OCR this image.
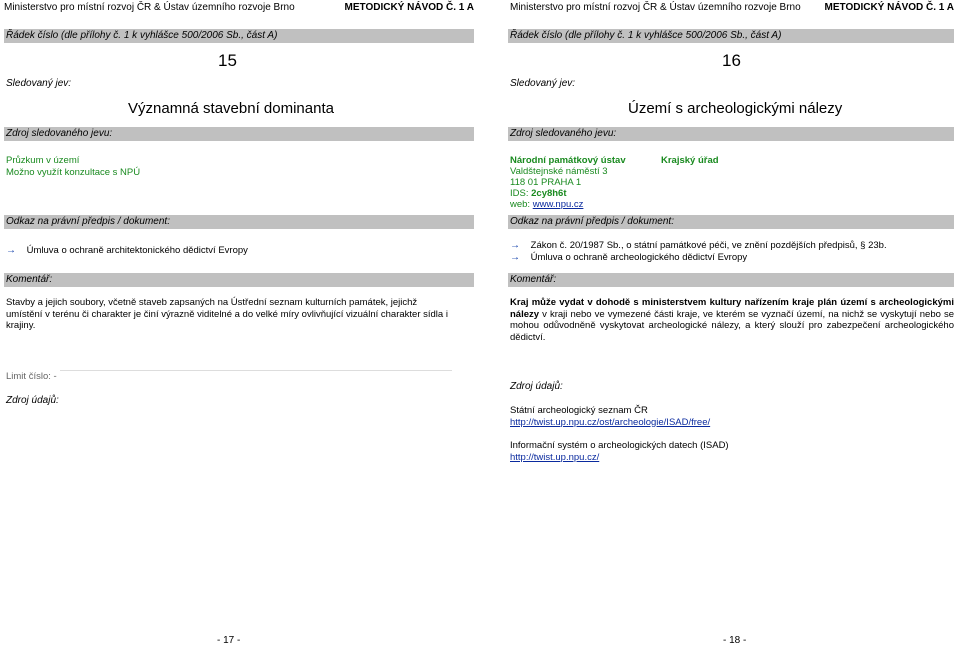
Ministerstvo pro místní rozvoj ČR & Ústav územního rozvoje Brno	METODICKÝ NÁVOD Č. 1 A
Řádek číslo (dle přílohy č. 1 k vyhlášce 500/2006 Sb., část A)
15
Sledovaný jev:
Významná stavební dominanta
Zdroj sledovaného jevu:
Průzkum v území
Možno využít konzultace s NPÚ
Odkaz na právní předpis / dokument:
→ Úmluva o ochraně architektonického dědictví Evropy
Komentář:
Stavby a jejich soubory, včetně staveb zapsaných na Ústřední seznam kulturních památek, jejichž umístění v terénu či charakter je činí výrazně viditelné a do velké míry ovlivňující vizuální charakter sídla i krajiny.
Limit číslo: -
Zdroj údajů:
- 17 -
Ministerstvo pro místní rozvoj ČR & Ústav územního rozvoje Brno METODICKÝ NÁVOD Č. 1 A
Řádek číslo (dle přílohy č. 1 k vyhlášce 500/2006 Sb., část A)
16
Sledovaný jev:
Území s archeologickými nálezy
Zdroj sledovaného jevu:
Národní památkový ústav
Valdštejnské náměstí 3
118 01 PRAHA 1
IDS: 2cy8h6t
web: www.npu.cz
Krajský úřad
Odkaz na právní předpis / dokument:
→ Zákon č. 20/1987 Sb., o státní památkové péči, ve znění pozdějších předpisů, § 23b.
→ Úmluva o ochraně archeologického dědictví Evropy
Komentář:
Kraj může vydat v dohodě s ministerstvem kultury nařízením kraje plán území s archeologickými nálezy v kraji nebo ve vymezené části kraje, ve kterém se vyznačí území, na nichž se vyskytují nebo se mohou odůvodněně vyskytovat archeologické nálezy, a který slouží pro zabezpečení archeologického dědictví.
Zdroj údajů:
Státní archeologický seznam ČR
http://twist.up.npu.cz/ost/archeologie/ISAD/free/
Informační systém o archeologických datech (ISAD)
http://twist.up.npu.cz/
- 18 -
